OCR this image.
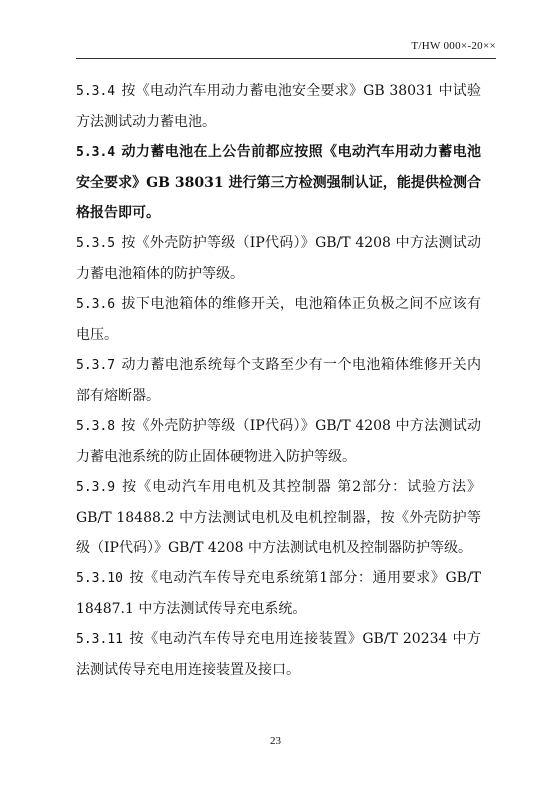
T/HW 000×-20××

5.3.4 按《电动汽车用动力蓄电池安全要求》GB 38031 中试验方法测试动力蓄电池。

5.3.4 动力蓄电池在上公告前都应按照《电动汽车用动力蓄电池安全要求》GB 38031 进行第三方检测强制认证，能提供检测合格报告即可。

5.3.5 按《外壳防护等级（IP代码）》GB/T 4208 中方法测试动力蓄电池箱体的防护等级。

5.3.6 拔下电池箱体的维修开关，电池箱体正负极之间不应该有电压。

5.3.7 动力蓄电池系统每个支路至少有一个电池箱体维修开关内部有熔断器。

5.3.8 按《外壳防护等级（IP代码）》GB/T 4208 中方法测试动力蓄电池系统的防止固体硬物进入防护等级。

5.3.9 按《电动汽车用电机及其控制器 第2部分：试验方法》GB/T 18488.2 中方法测试电机及电机控制器，按《外壳防护等级（IP代码）》GB/T 4208 中方法测试电机及控制器防护等级。

5.3.10 按《电动汽车传导充电系统第1部分：通用要求》GB/T 18487.1 中方法测试传导充电系统。

5.3.11 按《电动汽车传导充电用连接装置》GB/T 20234 中方法测试传导充电用连接装置及接口。

23
